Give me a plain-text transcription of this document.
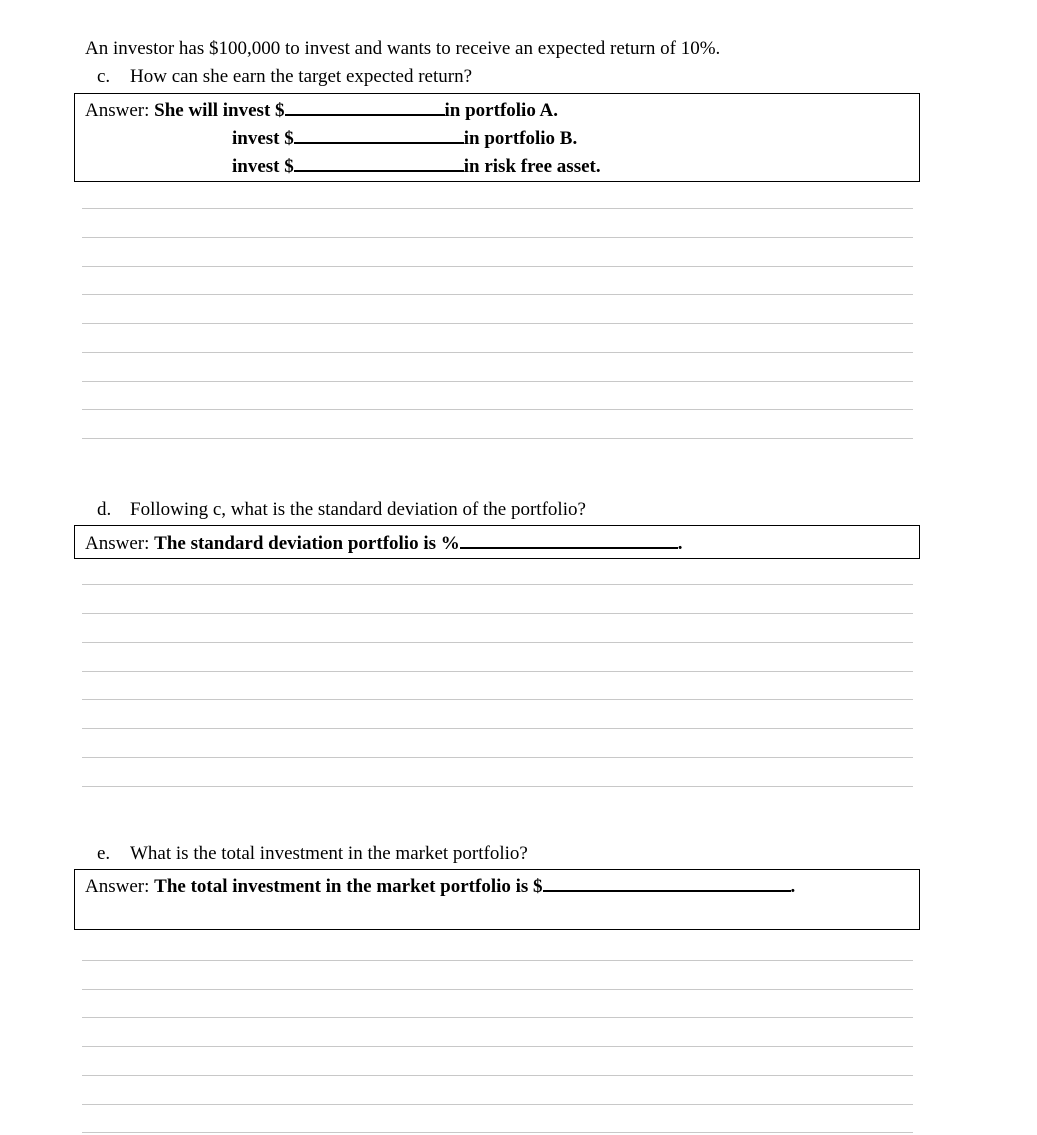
An investor has $100,000 to invest and wants to receive an expected return of 10%.
c. How can she earn the target expected return?
Answer: She will invest $	in portfolio A.
invest $	in portfolio B.
invest $	in risk free asset.
d. Following c, what is the standard deviation of the portfolio?
Answer: The standard deviation portfolio is %	.
e. What is the total investment in the market portfolio?
Answer: The total investment in the market portfolio is $	.
